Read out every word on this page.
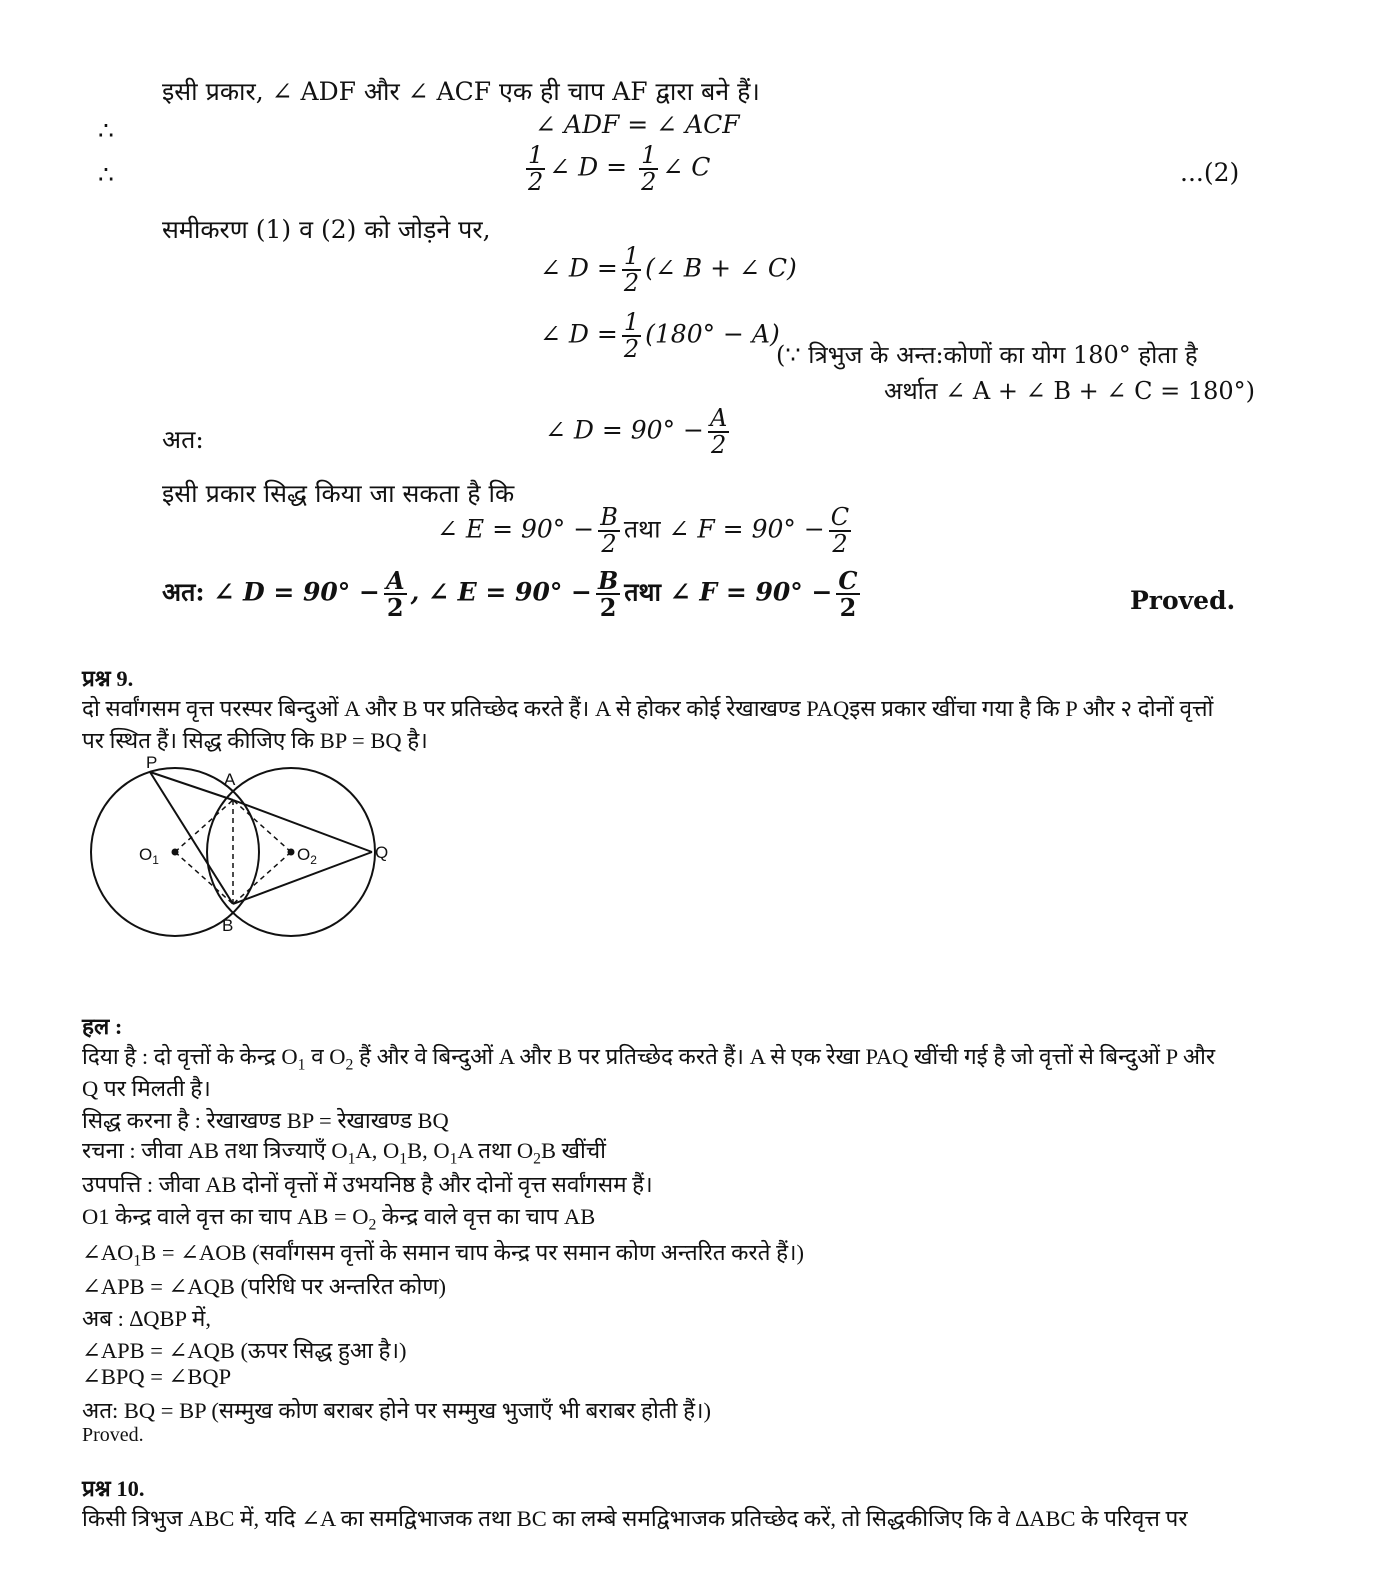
इसी प्रकार, ∠ ADF और ∠ ACF एक ही चाप AF द्वारा बने हैं।
∴	∠ ADF = ∠ ACF
∴	$\frac{1}{2}$ ∠ $D = \frac{1}{2}$ ∠ C	...(2)
समीकरण (1) व (2) को जोड़ने पर,
∠ $D = \frac{1}{2}$ (∠ B + ∠ C)
∠ $D = \frac{1}{2} (180^\circ - A)$
(∵ त्रिभुज के अन्त:कोणों का योग 180° होता है
अर्थात ∠ A + ∠ B + ∠ C = 180°)
अत:	∠ $D = 90^\circ - \frac{A}{2}$
इसी प्रकार सिद्ध किया जा सकता है कि
∠ $E = 90^\circ - \frac{B}{2}$ तथा ∠ $F = 90^\circ - \frac{C}{2}$
अत: ∠ $D = 90^\circ - \frac{A}{2}$ , ∠ $E = 90^\circ - \frac{B}{2}$ तथा ∠ $F = 90^\circ - \frac{C}{2}$	Proved.
प्रश्न 9.
दो सर्वांगसम वृत्त परस्पर बिन्दुओं A और B पर प्रतिच्छेद करते हैं। A से होकर कोई रेखाखण्ड PAQइस प्रकार खींचा गया है कि P और २ दोनों वृत्तों
पर स्थित हैं। सिद्ध कीजिए कि BP = BQ है।
P
A
Q
B
$O_1$	$O_2$
हल :
दिया है : दो वृत्तों के केन्द्र $O_1$ व $O_2$ हैं और वे बिन्दुओं A और B पर प्रतिच्छेद करते हैं। A से एक रेखा PAQ खींची गई है जो वृत्तों से बिन्दुओं P और
Q पर मिलती है।
सिद्ध करना है : रेखाखण्ड BP = रेखाखण्ड BQ
रचना : जीवा AB तथा त्रिज्याएँ $O_1A$, $O_1B$, $O_1A$ तथा $O_2B$ खींचीं
उपपत्ति : जीवा AB दोनों वृत्तों में उभयनिष्ठ है और दोनों वृत्त सर्वांगसम हैं।
O1 केन्द्र वाले वृत्त का चाप AB = $O_2$ केन्द्र वाले वृत्त का चाप AB
$\angle AO_1B$ = ∠AOB (सर्वांगसम वृत्तों के समान चाप केन्द्र पर समान कोण अन्तरित करते हैं।)
∠APB = ∠AQB (परिधि पर अन्तरित कोण)
अब : ∆QBP में,
∠APB = ∠AQB (ऊपर सिद्ध हुआ है।)
∠BPQ = ∠BQP
अत: BQ = BP (सम्मुख कोण बराबर होने पर सम्मुख भुजाएँ भी बराबर होती हैं।)
Proved.
प्रश्न 10.
किसी त्रिभुज ABC में, यदि ∠A का समद्विभाजक तथा BC का लम्बे समद्विभाजक प्रतिच्छेद करें, तो सिद्धकीजिए कि वे ∆ABC के परिवृत्त पर
